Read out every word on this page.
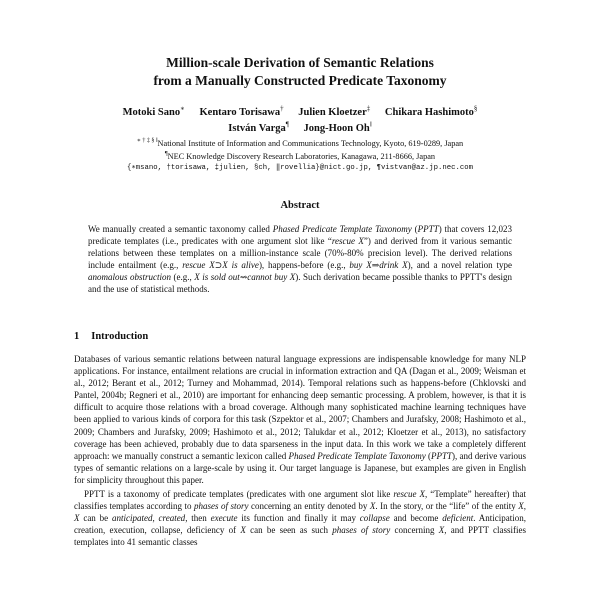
Million-scale Derivation of Semantic Relations
from a Manually Constructed Predicate Taxonomy
Motoki Sano∗ Kentaro Torisawa† Julien Kloetzer‡ Chikara Hashimoto§
István Varga¶ Jong-Hoon Oh‖
∗ † ‡ § ‖National Institute of Information and Communications Technology, Kyoto, 619-0289, Japan
¶NEC Knowledge Discovery Research Laboratories, Kanagawa, 211-8666, Japan
{∗msano, †torisawa, ‡julien, §ch, ‖rovellia}@nict.go.jp, ¶vistvan@az.jp.nec.com
Abstract
We manually created a semantic taxonomy called Phased Predicate Template Taxonomy (PPTT) that covers 12,023 predicate templates (i.e., predicates with one argument slot like “rescue X”) and derived from it various semantic relations between these templates on a million-instance scale (70%-80% precision level). The derived relations include entailment (e.g., rescue X⊃X is alive), happens-before (e.g., buy X⇒drink X), and a novel relation type anomalous obstruction (e.g., X is sold out⇝cannot buy X). Such derivation became possible thanks to PPTT's design and the use of statistical methods.
1 Introduction

Databases of various semantic relations between natural language expressions are indispensable knowledge for many NLP applications. For instance, entailment relations are crucial in information extraction and QA (Dagan et al., 2009; Weisman et al., 2012; Berant et al., 2012; Turney and Mohammad, 2014). Temporal relations such as happens-before (Chklovski and Pantel, 2004b; Regneri et al., 2010) are important for enhancing deep semantic processing. A problem, however, is that it is difficult to acquire those relations with a broad coverage. Although many sophisticated machine learning techniques have been applied to various kinds of corpora for this task (Szpektor et al., 2007; Chambers and Jurafsky, 2008; Hashimoto et al., 2009; Chambers and Jurafsky, 2009; Hashimoto et al., 2012; Talukdar et al., 2012; Kloetzer et al., 2013), no satisfactory coverage has been achieved, probably due to data sparseness in the input data. In this work we take a completely different approach: we manually construct a semantic lexicon called Phased Predicate Template Taxonomy (PPTT), and derive various types of semantic relations on a large-scale by using it. Our target language is Japanese, but examples are given in English for simplicity throughout this paper.

PPTT is a taxonomy of predicate templates (predicates with one argument slot like rescue X, “Template” hereafter) that classifies templates according to phases of story concerning an entity denoted by X. In the story, or the “life” of the entity X, X can be anticipated, created, then execute its function and finally it may collapse and become deficient. Anticipation, creation, execution, collapse, deficiency of X can be seen as such phases of story concerning X, and PPTT classifies templates into 41 semantic classes
